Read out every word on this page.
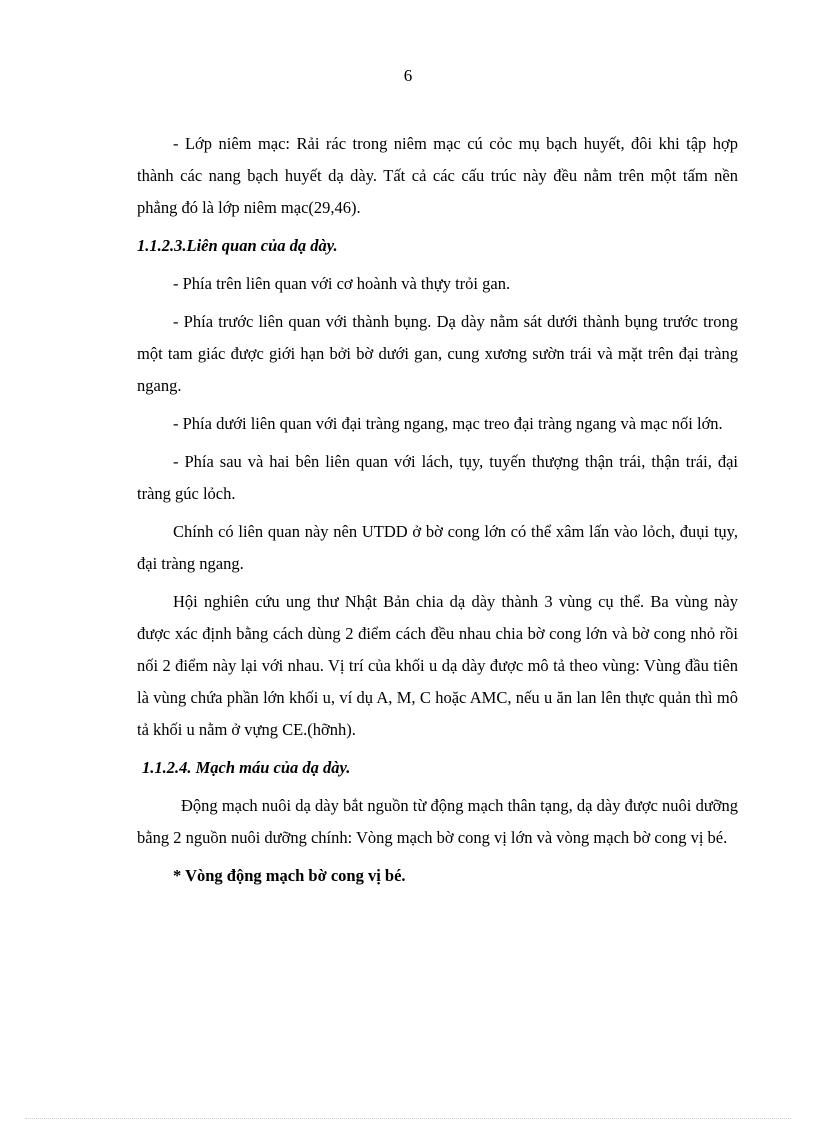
6

- Lớp niêm mạc: Rải rác trong niêm mạc cú cỏc mụ bạch huyết, đôi khi tập hợp thành các nang bạch huyết dạ dày. Tất cả các cấu trúc này đều nằm trên một tấm nền phẳng đó là lớp niêm mạc(29,46).

1.1.2.3.Liên quan của dạ dày.

- Phía trên liên quan với cơ hoành và thựy trỏi gan.

- Phía trước liên quan với thành bụng. Dạ dày nằm sát dưới thành bụng trước trong một tam giác được giới hạn bởi bờ dưới gan, cung xương sườn trái và mặt trên đại tràng ngang.

- Phía dưới liên quan với đại tràng ngang, mạc treo đại tràng ngang và mạc nối lớn.

- Phía sau và hai bên liên quan với lách, tụy, tuyến thượng thận trái, thận trái, đại tràng gúc lỏch.

Chính có liên quan này nên UTDD ở bờ cong lớn có thể xâm lấn vào lỏch, đuụi tụy, đại tràng ngang.

Hội nghiên cứu ung thư Nhật Bản chia dạ dày thành 3 vùng cụ thể. Ba vùng này được xác định bằng cách dùng 2 điểm cách đều nhau chia bờ cong lớn và bờ cong nhỏ rồi nối 2 điểm này lại với nhau. Vị trí của khối u dạ dày được mô tả theo vùng: Vùng đầu tiên là vùng chứa phần lớn khối u, ví dụ A, M, C hoặc AMC, nếu u ăn lan lên thực quản thì mô tả khối u nằm ở vựng CE.(hỡnh).

1.1.2.4. Mạch máu của dạ dày.

Động mạch nuôi dạ dày bắt nguồn từ động mạch thân tạng, dạ dày được nuôi dưỡng bằng 2 nguồn nuôi dưỡng chính: Vòng mạch bờ cong vị lớn và vòng mạch bờ cong vị bé.

* Vòng động mạch bờ cong vị bé.
